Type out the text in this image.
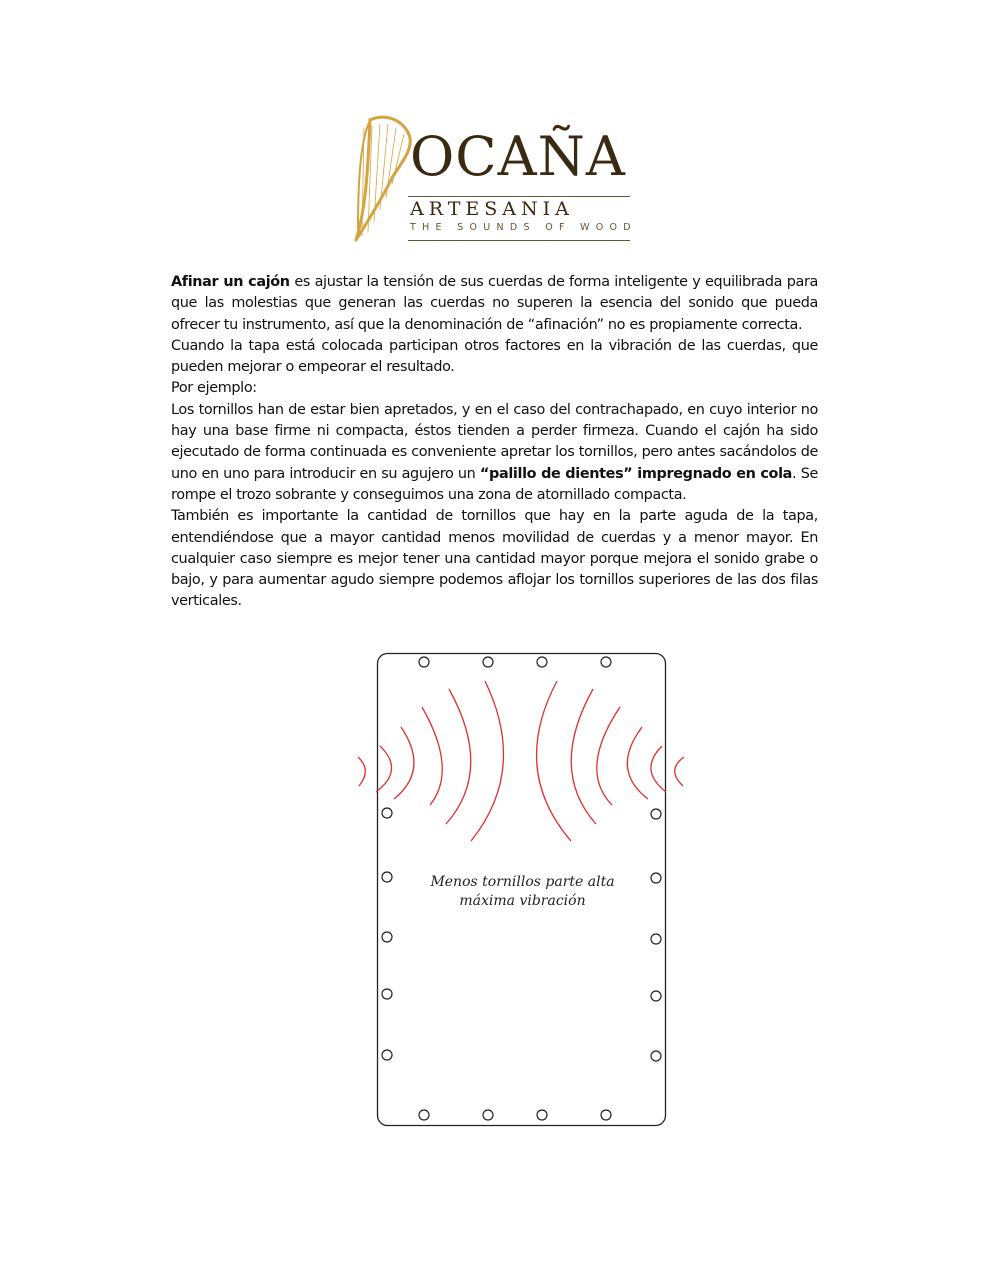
OCAÑA
ARTESANIA
THE SOUNDS OF WOOD

Afinar un cajón es ajustar la tensión de sus cuerdas de forma inteligente y equilibrada para que las molestias que generan las cuerdas no superen la esencia del sonido que pueda ofrecer tu instrumento, así que la denominación de “afinación” no es propiamente correcta.

Cuando la tapa está colocada participan otros factores en la vibración de las cuerdas, que pueden mejorar o empeorar el resultado.

Por ejemplo:

Los tornillos han de estar bien apretados, y en el caso del contrachapado, en cuyo interior no hay una base firme ni compacta, éstos tienden a perder firmeza. Cuando el cajón ha sido ejecutado de forma continuada es conveniente apretar los tornillos, pero antes sacándolos de uno en uno para introducir en su agujero un “palillo de dientes” impregnado en cola. Se rompe el trozo sobrante y conseguimos una zona de atornillado compacta.

También es importante la cantidad de tornillos que hay en la parte aguda de la tapa, entendiéndose que a mayor cantidad menos movilidad de cuerdas y a menor mayor. En cualquier caso siempre es mejor tener una cantidad mayor porque mejora el sonido grabe o bajo, y para aumentar agudo siempre podemos aflojar los tornillos superiores de las dos filas verticales.

Menos tornillos parte alta
máxima vibración
